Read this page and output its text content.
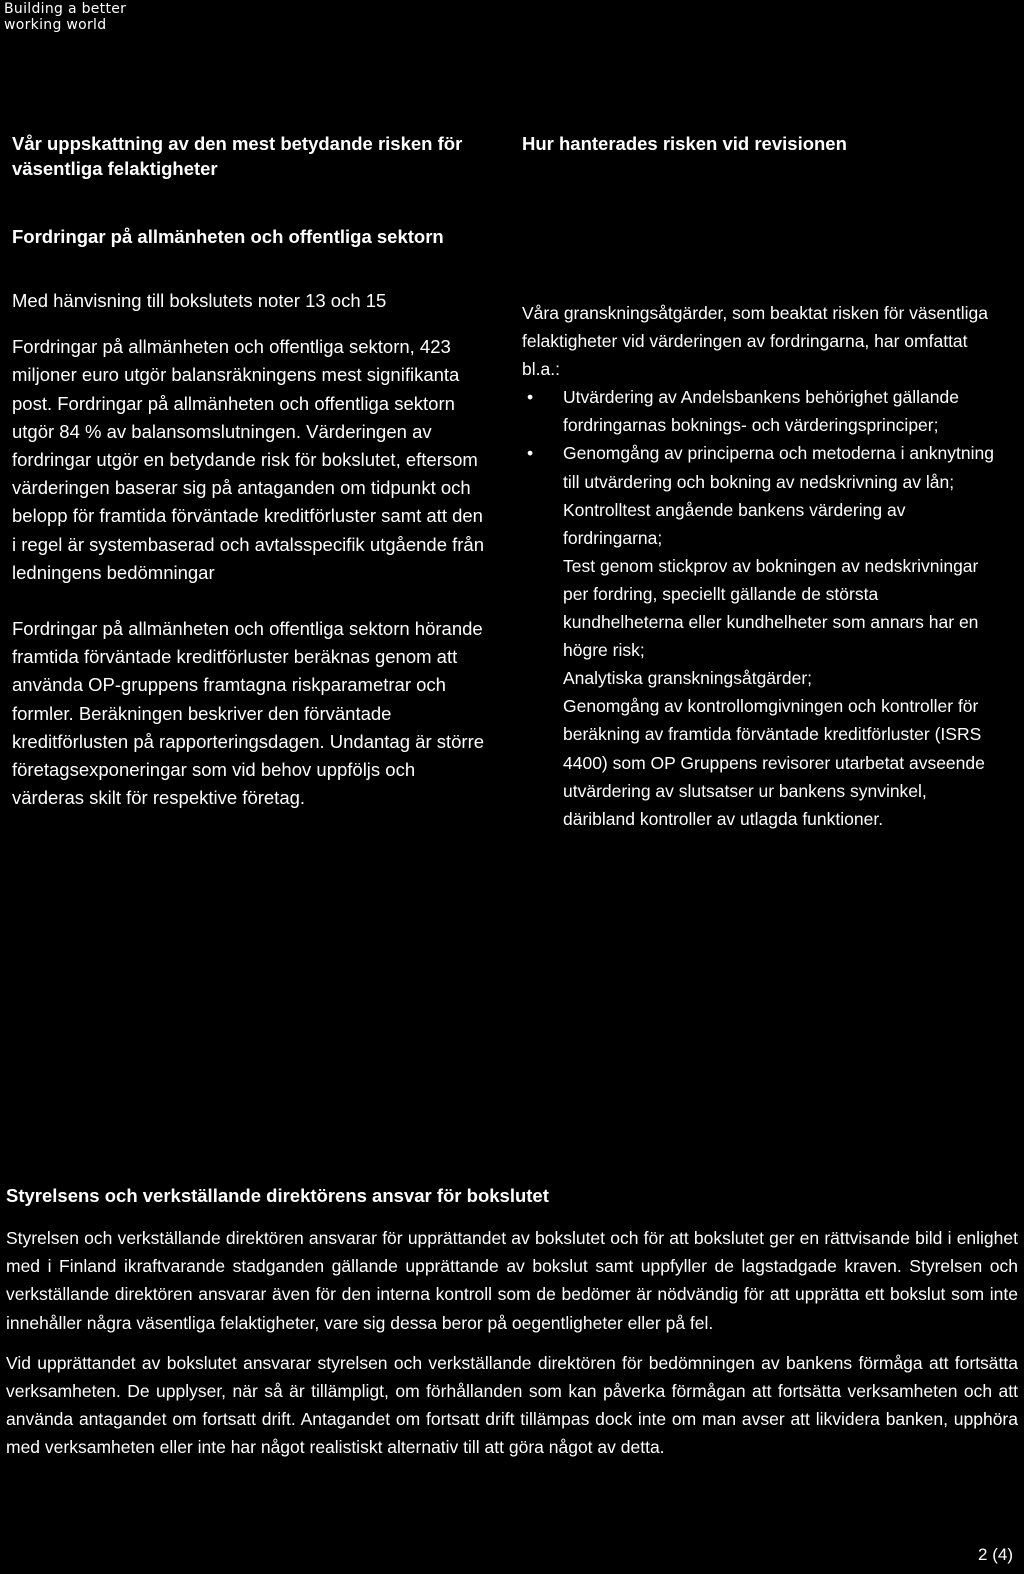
Building a better
working world
Vår uppskattning av den mest betydande risken för väsentliga felaktigheter
Hur hanterades risken vid revisionen
Fordringar på allmänheten och offentliga sektorn

Med hänvisning till bokslutets noter 13 och 15

Fordringar på allmänheten och offentliga sektorn, 423 miljoner euro utgör balansräkningens mest signifikanta post. Fordringar på allmänheten och offentliga sektorn utgör 84 % av balansomslutningen. Värderingen av fordringar utgör en betydande risk för bokslutet, eftersom värderingen baserar sig på antaganden om tidpunkt och belopp för framtida förväntade kreditförluster samt att den i regel är systembaserad och avtalsspecifik utgående från ledningens bedömningar

Fordringar på allmänheten och offentliga sektorn hörande framtida förväntade kreditförluster beräknas genom att använda OP-gruppens framtagna riskparametrar och formler. Beräkningen beskriver den förväntade kreditförlusten på rapporteringsdagen. Undantag är större företagsexponeringar som vid behov uppföljs och värderas skilt för respektive företag.

Våra granskningsåtgärder, som beaktat risken för väsentliga felaktigheter vid värderingen av fordringarna, har omfattat bl.a.:

• Utvärdering av Andelsbankens behörighet gällande fordringarnas boknings- och värderingsprinciper;
• Genomgång av principerna och metoderna i anknytning till utvärdering och bokning av nedskrivning av lån;
Kontrolltest angående bankens värdering av fordringarna;
Test genom stickprov av bokningen av nedskrivningar per fordring, speciellt gällande de största kundhelheterna eller kundhelheter som annars har en högre risk;
Analytiska granskningsåtgärder;
Genomgång av kontrollomgivningen och kontroller för beräkning av framtida förväntade kreditförluster (ISRS 4400) som OP Gruppens revisorer utarbetat avseende utvärdering av slutsatser ur bankens synvinkel, däribland kontroller av utlagda funktioner.
Styrelsens och verkställande direktörens ansvar för bokslutet

Styrelsen och verkställande direktören ansvarar för upprättandet av bokslutet och för att bokslutet ger en rättvisande bild i enlighet med i Finland ikraftvarande stadganden gällande upprättande av bokslut samt uppfyller de lagstadgade kraven. Styrelsen och verkställande direktören ansvarar även för den interna kontroll som de bedömer är nödvändig för att upprätta ett bokslut som inte innehåller några väsentliga felaktigheter, vare sig dessa beror på oegentligheter eller på fel.

Vid upprättandet av bokslutet ansvarar styrelsen och verkställande direktören för bedömningen av bankens förmåga att fortsätta verksamheten. De upplyser, när så är tillämpligt, om förhållanden som kan påverka förmågan att fortsätta verksamheten och att använda antagandet om fortsatt drift. Antagandet om fortsatt drift tillämpas dock inte om man avser att likvidera banken, upphöra med verksamheten eller inte har något realistiskt alternativ till att göra något av detta.

2 (4)
